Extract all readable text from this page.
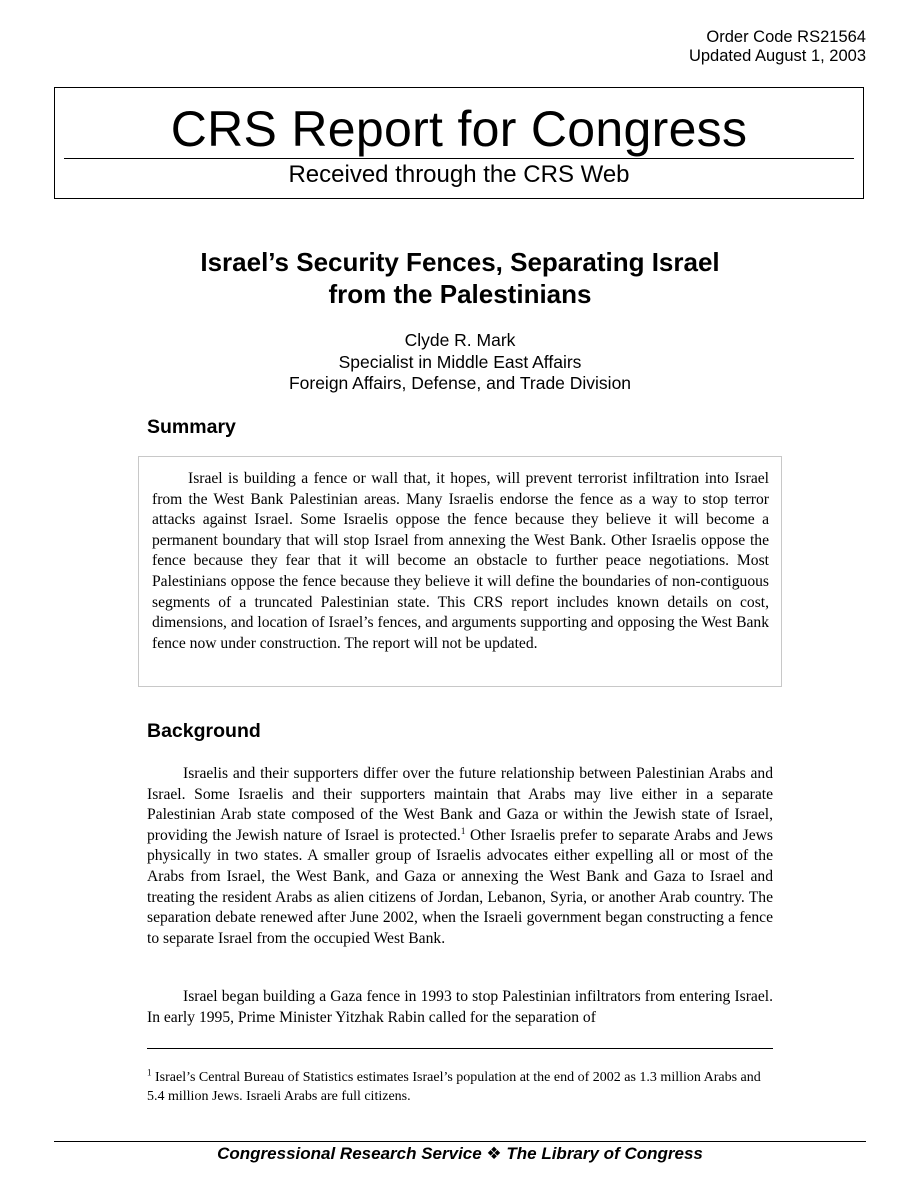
Order Code RS21564
Updated August 1, 2003
CRS Report for Congress
Received through the CRS Web
Israel’s Security Fences, Separating Israel
from the Palestinians
Clyde R. Mark
Specialist in Middle East Affairs
Foreign Affairs, Defense, and Trade Division
Summary

Israel is building a fence or wall that, it hopes, will prevent terrorist infiltration into Israel from the West Bank Palestinian areas. Many Israelis endorse the fence as a way to stop terror attacks against Israel. Some Israelis oppose the fence because they believe it will become a permanent boundary that will stop Israel from annexing the West Bank. Other Israelis oppose the fence because they fear that it will become an obstacle to further peace negotiations. Most Palestinians oppose the fence because they believe it will define the boundaries of non-contiguous segments of a truncated Palestinian state. This CRS report includes known details on cost, dimensions, and location of Israel’s fences, and arguments supporting and opposing the West Bank fence now under construction. The report will not be updated.

Background

Israelis and their supporters differ over the future relationship between Palestinian Arabs and Israel. Some Israelis and their supporters maintain that Arabs may live either in a separate Palestinian Arab state composed of the West Bank and Gaza or within the Jewish state of Israel, providing the Jewish nature of Israel is protected.$^1$ Other Israelis prefer to separate Arabs and Jews physically in two states. A smaller group of Israelis advocates either expelling all or most of the Arabs from Israel, the West Bank, and Gaza or annexing the West Bank and Gaza to Israel and treating the resident Arabs as alien citizens of Jordan, Lebanon, Syria, or another Arab country. The separation debate renewed after June 2002, when the Israeli government began constructing a fence to separate Israel from the occupied West Bank.

Israel began building a Gaza fence in 1993 to stop Palestinian infiltrators from entering Israel. In early 1995, Prime Minister Yitzhak Rabin called for the separation of

$^1$ Israel’s Central Bureau of Statistics estimates Israel’s population at the end of 2002 as 1.3 million Arabs and 5.4 million Jews. Israeli Arabs are full citizens.

Congressional Research Service ❖ The Library of Congress
